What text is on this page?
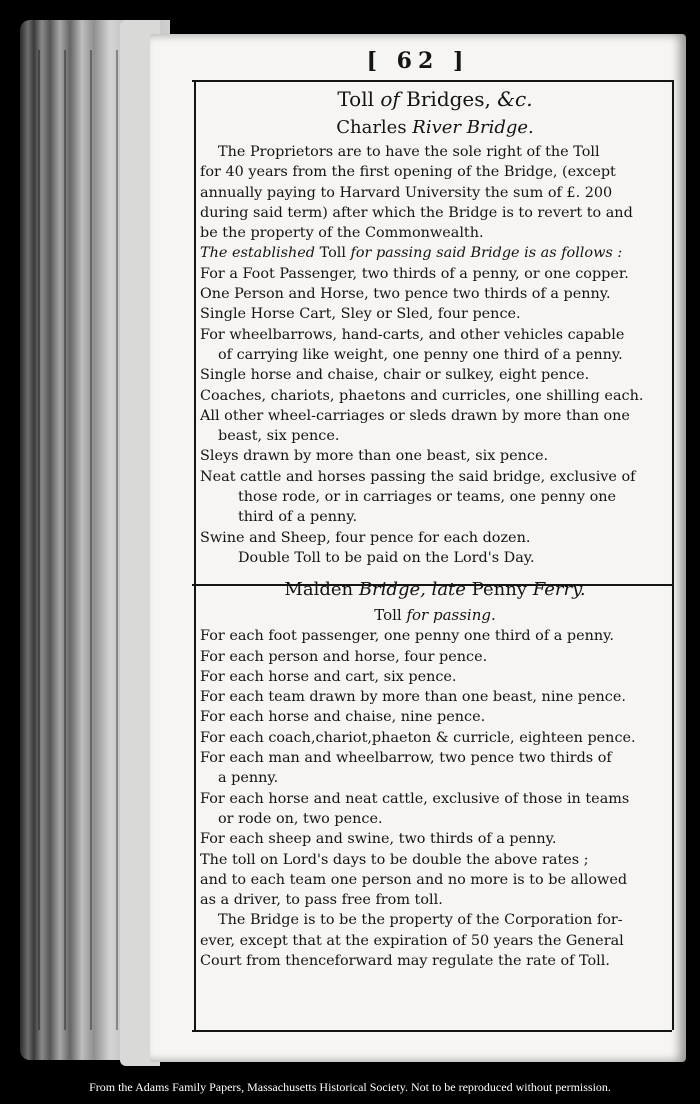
[ 62 ]

Toll of Bridges, &c.

Charles River Bridge.

The Proprietors are to have the sole right of the Toll

for 40 years from the first opening of the Bridge, (except

annually paying to Harvard University the sum of £. 200

during said term) after which the Bridge is to revert to and

be the property of the Commonwealth.

The established Toll for passing said Bridge is as follows :

For a Foot Passenger, two thirds of a penny, or one copper.

One Person and Horse, two pence two thirds of a penny.

Single Horse Cart, Sley or Sled, four pence.

For wheelbarrows, hand-carts, and other vehicles capable

of carrying like weight, one penny one third of a penny.

Single horse and chaise, chair or sulkey, eight pence.

Coaches, chariots, phaetons and curricles, one shilling each.

All other wheel-carriages or sleds drawn by more than one

beast, six pence.

Sleys drawn by more than one beast, six pence.

Neat cattle and horses passing the said bridge, exclusive of

those rode, or in carriages or teams, one penny one

third of a penny.

Swine and Sheep, four pence for each dozen.

Double Toll to be paid on the Lord's Day.

Malden Bridge, late Penny Ferry.

Toll for passing.

For each foot passenger, one penny one third of a penny.

For each person and horse, four pence.

For each horse and cart, six pence.

For each team drawn by more than one beast, nine pence.

For each horse and chaise, nine pence.

For each coach,chariot,phaeton & curricle, eighteen pence.

For each man and wheelbarrow, two pence two thirds of

a penny.

For each horse and neat cattle, exclusive of those in teams

or rode on, two pence.

For each sheep and swine, two thirds of a penny.

The toll on Lord's days to be double the above rates ;

and to each team one person and no more is to be allowed

as a driver, to pass free from toll.

The Bridge is to be the property of the Corporation for-

ever, except that at the expiration of 50 years the General

Court from thenceforward may regulate the rate of Toll.

From the Adams Family Papers, Massachusetts Historical Society. Not to be reproduced without permission.
